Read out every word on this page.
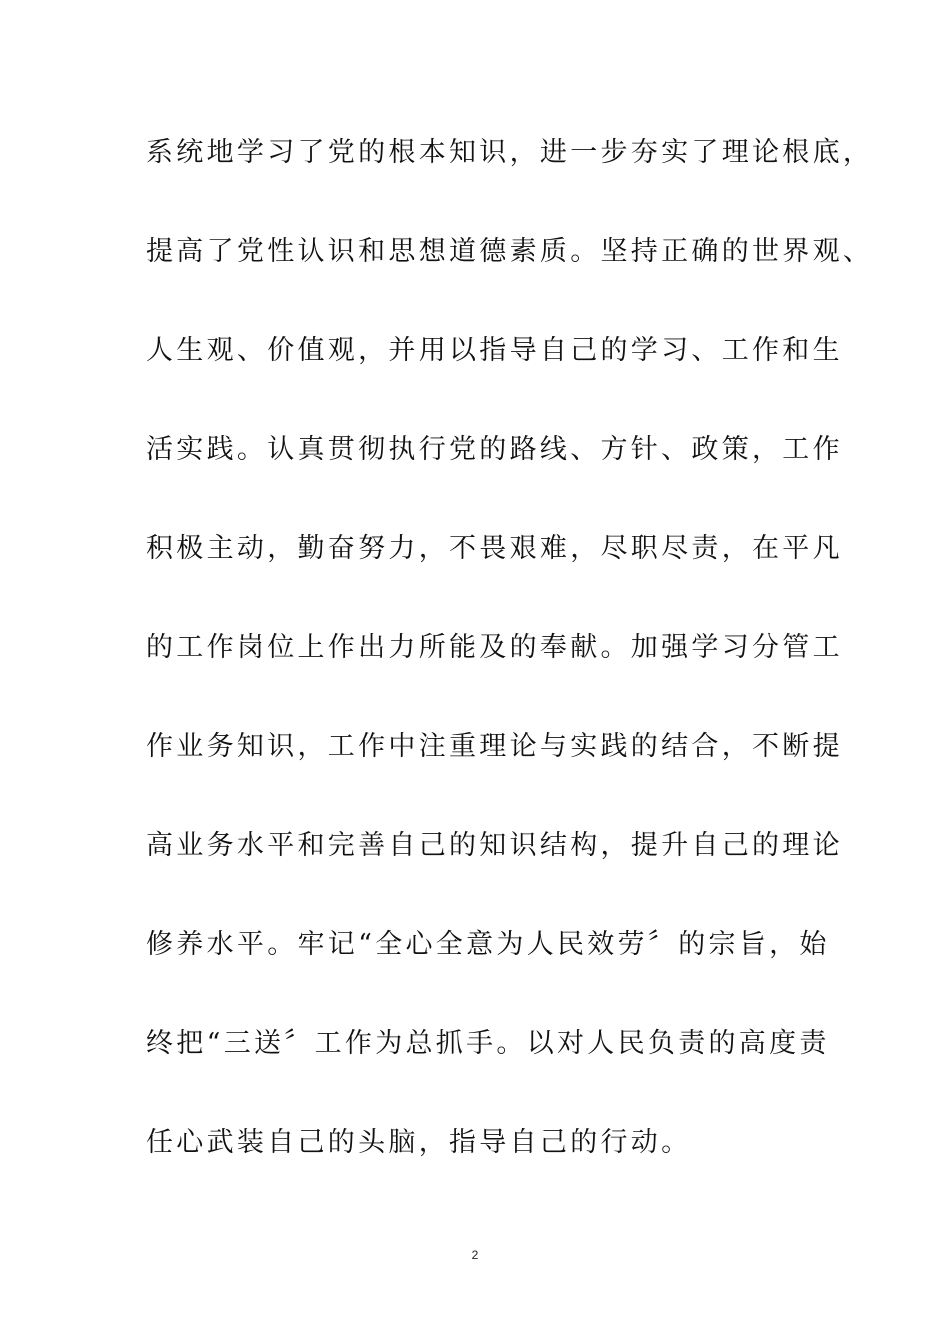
系统地学习了党的根本知识，进一步夯实了理论根底，
提高了党性认识和思想道德素质。坚持正确的世界观、
人生观、价值观，并用以指导自己的学习、工作和生
活实践。认真贯彻执行党的路线、方针、政策，工作
积极主动，勤奋努力，不畏艰难，尽职尽责，在平凡
的工作岗位上作出力所能及的奉献。加强学习分管工
作业务知识，工作中注重理论与实践的结合，不断提
高业务水平和完善自己的知识结构，提升自己的理论
修养水平。牢记“全心全意为人民效劳〞的宗旨，始
终把“三送〞工作为总抓手。以对人民负责的高度责
任心武装自己的头脑，指导自己的行动。
2
